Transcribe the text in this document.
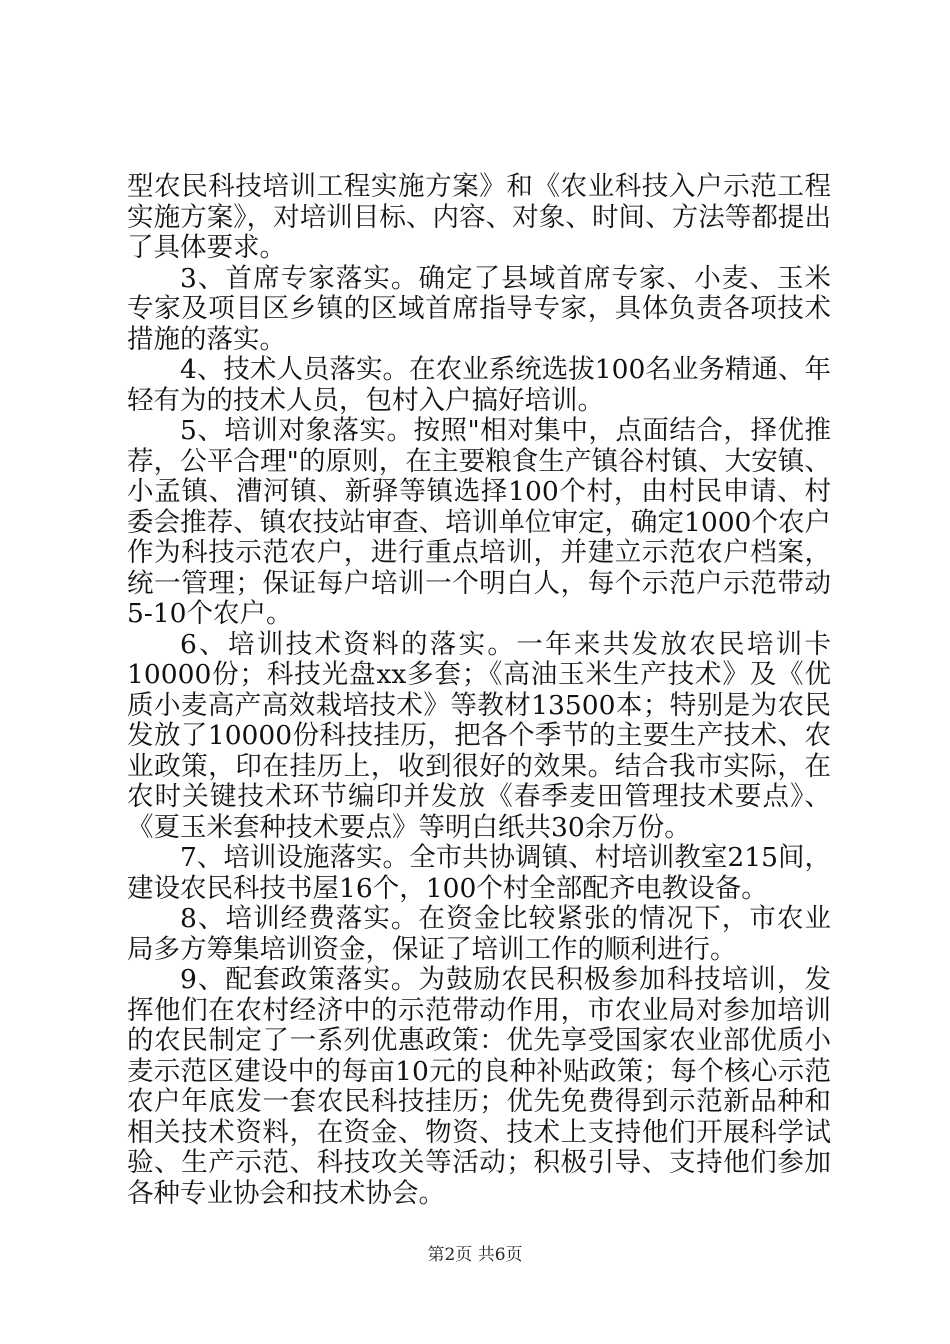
型农民科技培训工程实施方案》和《农业科技入户示范工程实施方案》，对培训目标、内容、对象、时间、方法等都提出了具体要求。

3、首席专家落实。确定了县域首席专家、小麦、玉米专家及项目区乡镇的区域首席指导专家，具体负责各项技术措施的落实。

4、技术人员落实。在农业系统选拔100名业务精通、年轻有为的技术人员，包村入户搞好培训。

5、培训对象落实。按照"相对集中，点面结合，择优推荐，公平合理"的原则，在主要粮食生产镇谷村镇、大安镇、小孟镇、漕河镇、新驿等镇选择100个村，由村民申请、村委会推荐、镇农技站审查、培训单位审定，确定1000个农户作为科技示范农户，进行重点培训，并建立示范农户档案，统一管理；保证每户培训一个明白人，每个示范户示范带动5-10个农户。

6、培训技术资料的落实。一年来共发放农民培训卡10000份；科技光盘xx多套；《高油玉米生产技术》及《优质小麦高产高效栽培技术》等教材13500本；特别是为农民发放了10000份科技挂历，把各个季节的主要生产技术、农业政策，印在挂历上，收到很好的效果。结合我市实际，在农时关键技术环节编印并发放《春季麦田管理技术要点》、《夏玉米套种技术要点》等明白纸共30余万份。

7、培训设施落实。全市共协调镇、村培训教室215间，建设农民科技书屋16个，100个村全部配齐电教设备。

8、培训经费落实。在资金比较紧张的情况下，市农业局多方筹集培训资金，保证了培训工作的顺利进行。

9、配套政策落实。为鼓励农民积极参加科技培训，发挥他们在农村经济中的示范带动作用，市农业局对参加培训的农民制定了一系列优惠政策：优先享受国家农业部优质小麦示范区建设中的每亩10元的良种补贴政策；每个核心示范农户年底发一套农民科技挂历；优先免费得到示范新品种和相关技术资料，在资金、物资、技术上支持他们开展科学试验、生产示范、科技攻关等活动；积极引导、支持他们参加各种专业协会和技术协会。

第2页 共6页
